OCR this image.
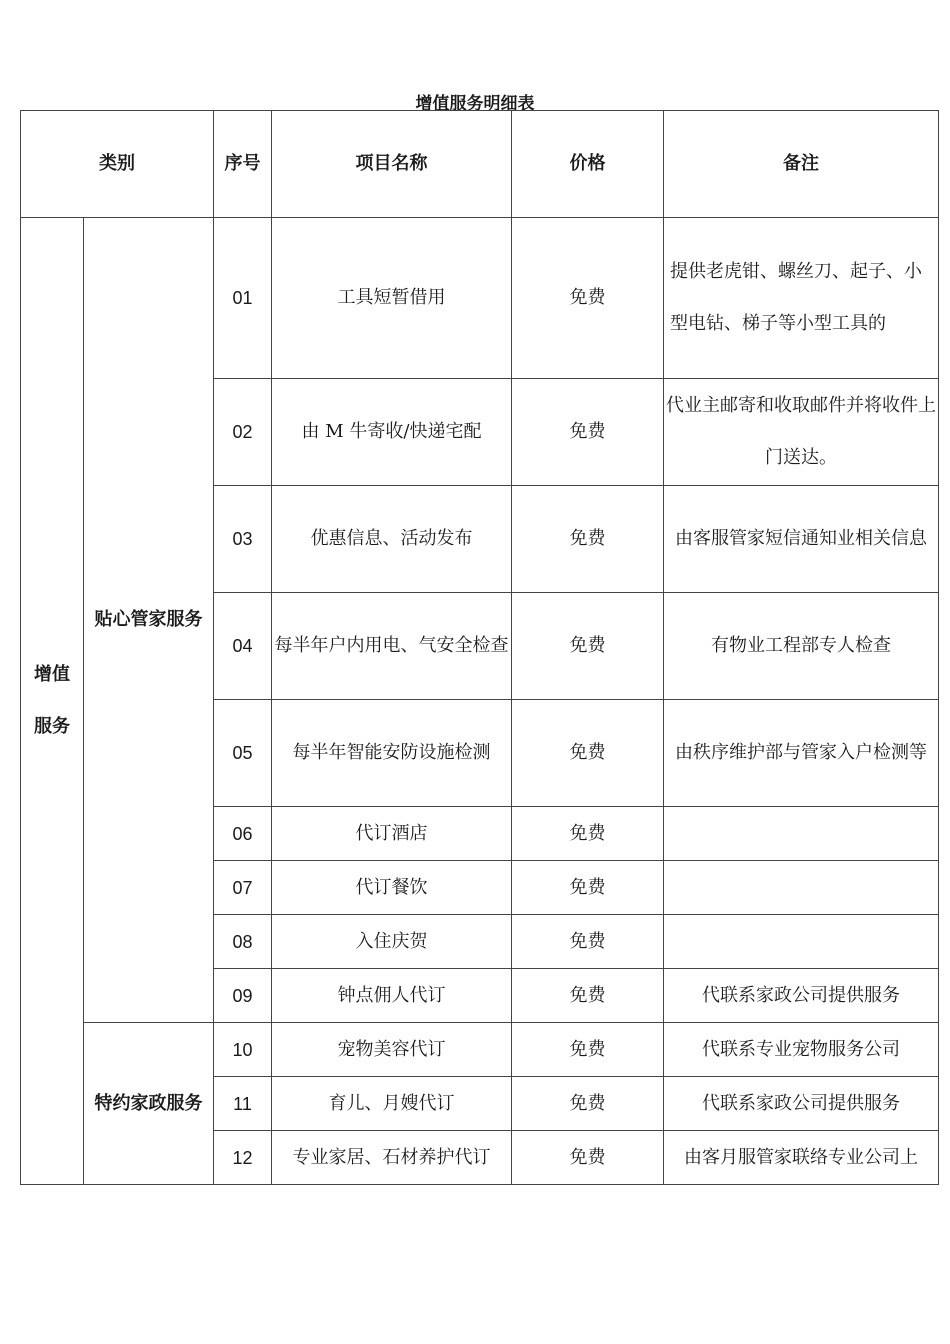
增值服务明细表
类别		序号	项目名称	价格	备注

增值服务	贴心管家服务	01	工具短暂借用	免费	提供老虎钳、螺丝刀、起子、小型电钻、梯子等小型工具的
		02	由 M 牛寄收/快递宅配	免费	代业主邮寄和收取邮件并将收件上门送达。
		03	优惠信息、活动发布	免费	由客服管家短信通知业相关信息
		04	每半年户内用电、气安全检查	免费	有物业工程部专人检查
		05	每半年智能安防设施检测	免费	由秩序维护部与管家入户检测等
		06	代订酒店	免费	
		07	代订餐饮	免费	
		08	入住庆贺	免费	
		09	钟点佣人代订	免费	代联系家政公司提供服务

	特约家政服务	10	宠物美容代订	免费	代联系专业宠物服务公司
		11	育儿、月嫂代订	免费	代联系家政公司提供服务
		12	专业家居、石材养护代订	免费	由客月服管家联络专业公司上
